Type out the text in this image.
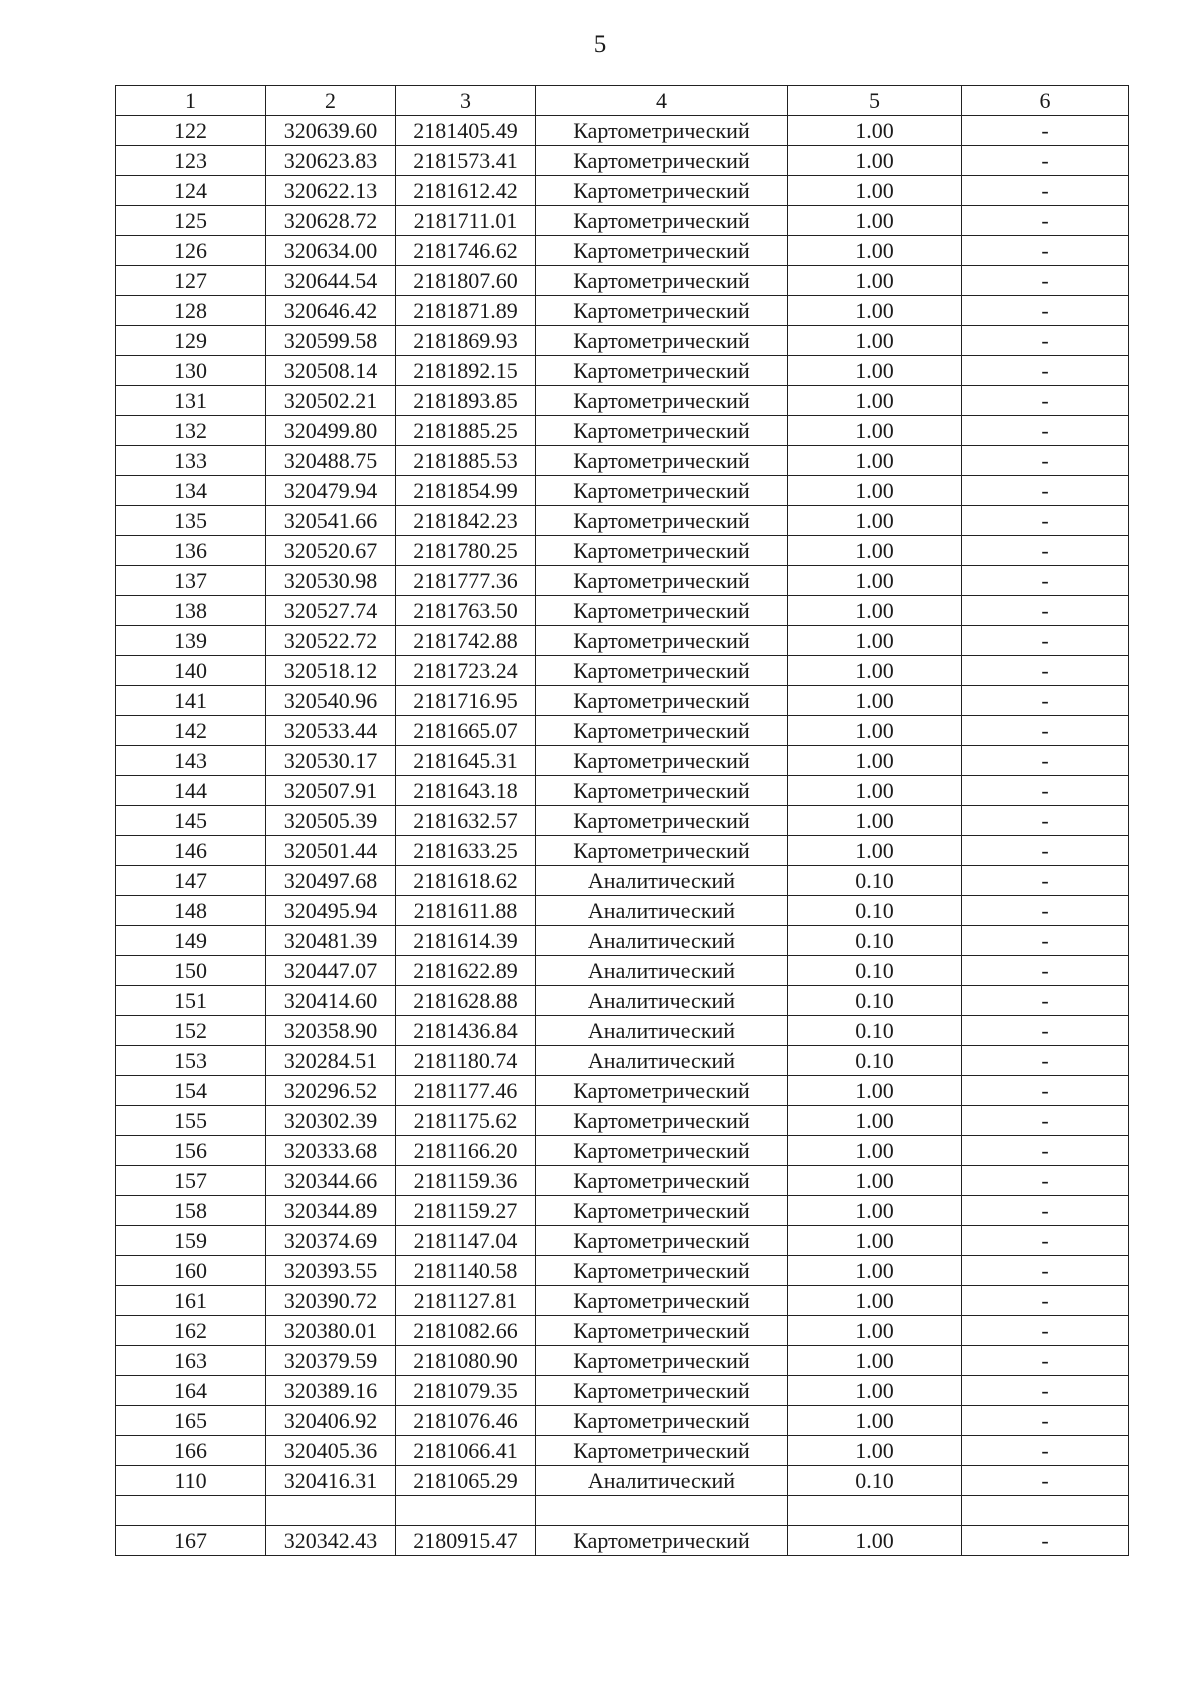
5
1	2	3	4	5	6
122	320639.60	2181405.49	Картометрический	1.00	-
123	320623.83	2181573.41	Картометрический	1.00	-
124	320622.13	2181612.42	Картометрический	1.00	-
125	320628.72	2181711.01	Картометрический	1.00	-
126	320634.00	2181746.62	Картометрический	1.00	-
127	320644.54	2181807.60	Картометрический	1.00	-
128	320646.42	2181871.89	Картометрический	1.00	-
129	320599.58	2181869.93	Картометрический	1.00	-
130	320508.14	2181892.15	Картометрический	1.00	-
131	320502.21	2181893.85	Картометрический	1.00	-
132	320499.80	2181885.25	Картометрический	1.00	-
133	320488.75	2181885.53	Картометрический	1.00	-
134	320479.94	2181854.99	Картометрический	1.00	-
135	320541.66	2181842.23	Картометрический	1.00	-
136	320520.67	2181780.25	Картометрический	1.00	-
137	320530.98	2181777.36	Картометрический	1.00	-
138	320527.74	2181763.50	Картометрический	1.00	-
139	320522.72	2181742.88	Картометрический	1.00	-
140	320518.12	2181723.24	Картометрический	1.00	-
141	320540.96	2181716.95	Картометрический	1.00	-
142	320533.44	2181665.07	Картометрический	1.00	-
143	320530.17	2181645.31	Картометрический	1.00	-
144	320507.91	2181643.18	Картометрический	1.00	-
145	320505.39	2181632.57	Картометрический	1.00	-
146	320501.44	2181633.25	Картометрический	1.00	-
147	320497.68	2181618.62	Аналитический	0.10	-
148	320495.94	2181611.88	Аналитический	0.10	-
149	320481.39	2181614.39	Аналитический	0.10	-
150	320447.07	2181622.89	Аналитический	0.10	-
151	320414.60	2181628.88	Аналитический	0.10	-
152	320358.90	2181436.84	Аналитический	0.10	-
153	320284.51	2181180.74	Аналитический	0.10	-
154	320296.52	2181177.46	Картометрический	1.00	-
155	320302.39	2181175.62	Картометрический	1.00	-
156	320333.68	2181166.20	Картометрический	1.00	-
157	320344.66	2181159.36	Картометрический	1.00	-
158	320344.89	2181159.27	Картометрический	1.00	-
159	320374.69	2181147.04	Картометрический	1.00	-
160	320393.55	2181140.58	Картометрический	1.00	-
161	320390.72	2181127.81	Картометрический	1.00	-
162	320380.01	2181082.66	Картометрический	1.00	-
163	320379.59	2181080.90	Картометрический	1.00	-
164	320389.16	2181079.35	Картометрический	1.00	-
165	320406.92	2181076.46	Картометрический	1.00	-
166	320405.36	2181066.41	Картометрический	1.00	-
110	320416.31	2181065.29	Аналитический	0.10	-

167	320342.43	2180915.47	Картометрический	1.00	-
